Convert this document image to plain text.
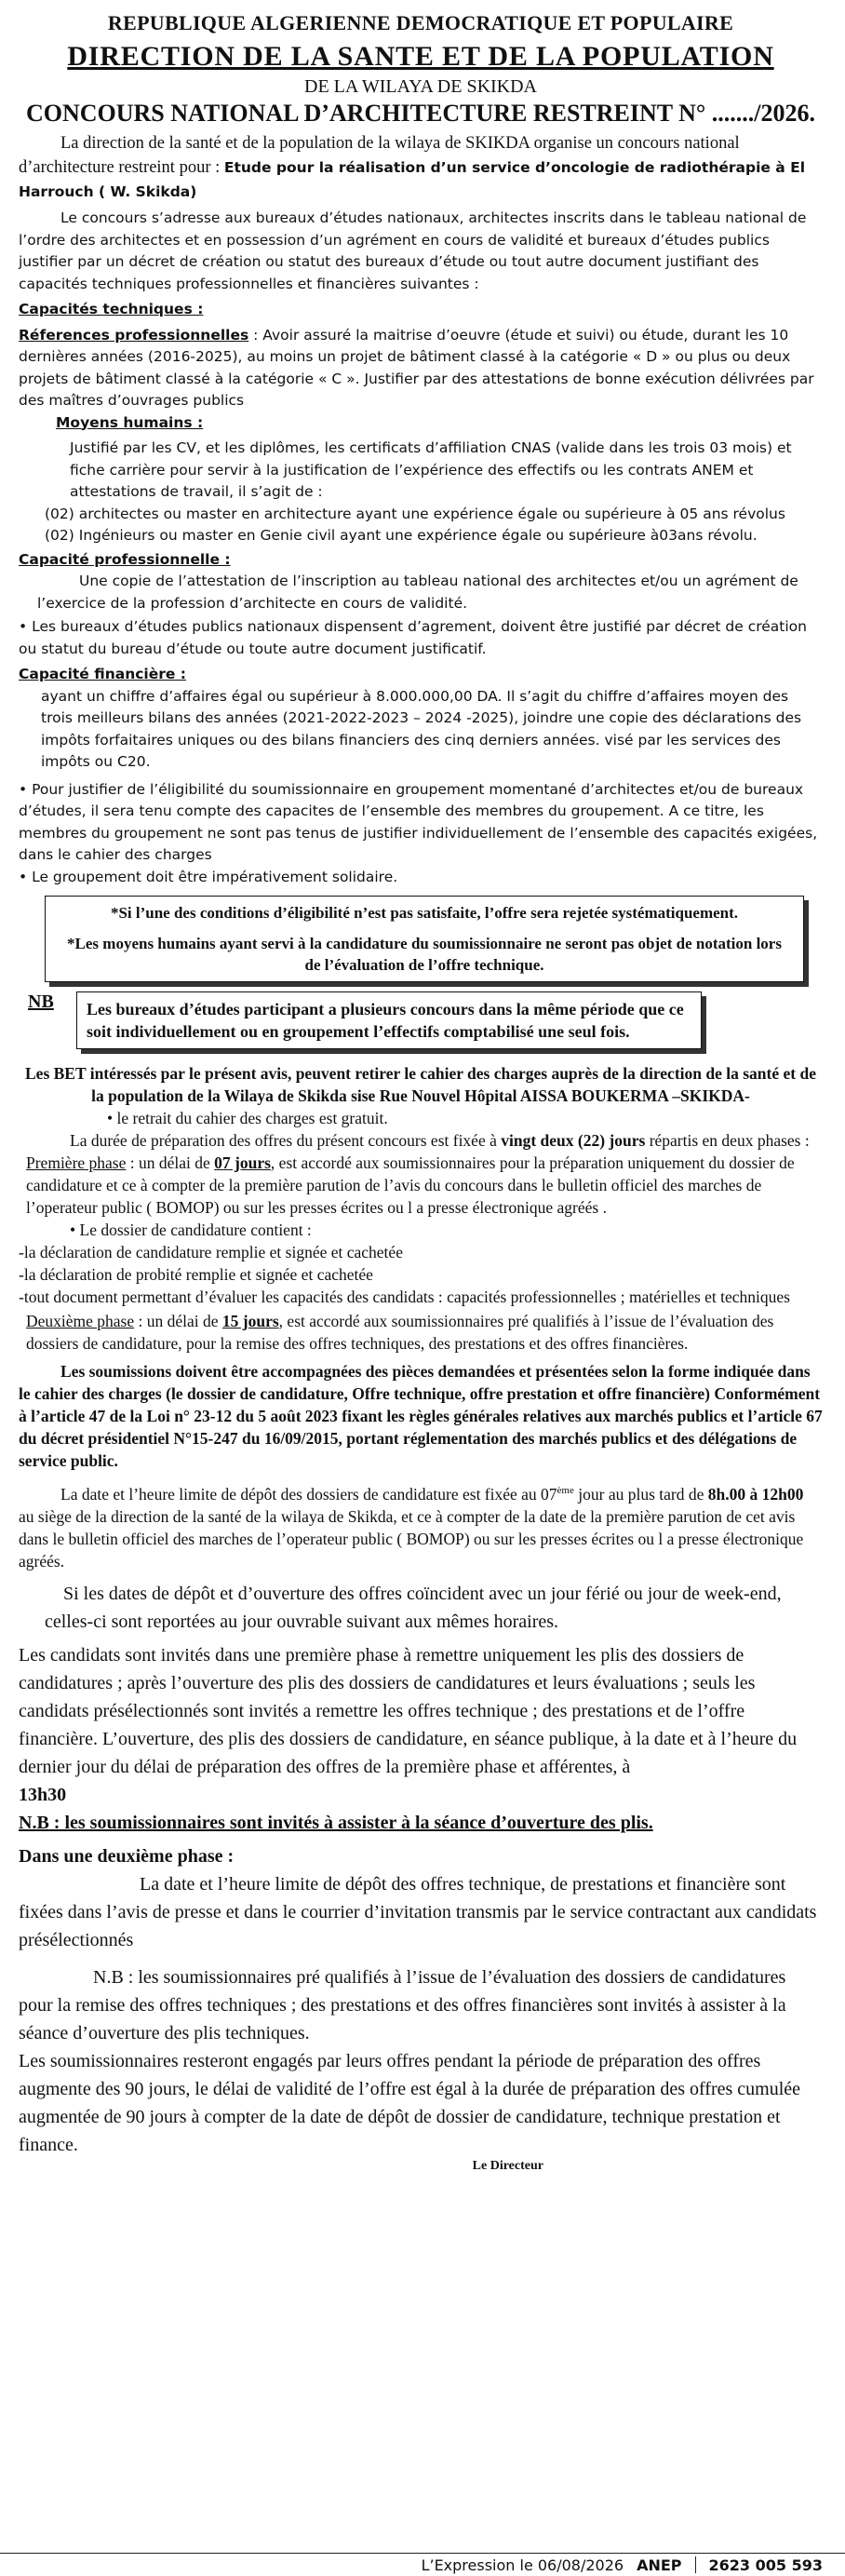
REPUBLIQUE ALGERIENNE DEMOCRATIQUE ET POPULAIRE

DIRECTION DE LA SANTE ET DE LA POPULATION

DE LA WILAYA DE SKIKDA

CONCOURS NATIONAL D’ARCHITECTURE RESTREINT N° ......./2026.

La direction de la santé et de la population de la wilaya de SKIKDA organise un concours national d’architecture restreint pour : Etude pour la réalisation d’un service d’oncologie de radiothérapie à El Harrouch ( W. Skikda)

Le concours s’adresse aux bureaux d’études nationaux, architectes inscrits dans le tableau national de l’ordre des architectes et en possession d’un agrément en cours de validité et bureaux d’études publics justifier par un décret de création ou statut des bureaux d’étude ou tout autre document justifiant des capacités techniques professionnelles et financières suivantes :

Capacités techniques :

Réferences professionnelles : Avoir assuré la maitrise d’oeuvre (étude et suivi) ou étude, durant les 10 dernières années (2016-2025), au moins un projet de bâtiment classé à la catégorie « D » ou plus ou deux projets de bâtiment classé à la catégorie « C ». Justifier par des attestations de bonne exécution délivrées par des maîtres d’ouvrages publics

Moyens humains :

Justifié par les CV, et les diplômes, les certificats d’affiliation CNAS (valide dans les trois 03 mois) et fiche carrière pour servir à la justification de l’expérience des effectifs ou les contrats ANEM et attestations de travail, il s’agit de :

(02) architectes ou master en architecture ayant une expérience égale ou supérieure à 05 ans révolus

(02) Ingénieurs ou master en Genie civil ayant une expérience égale ou supérieure à03ans révolu.

Capacité professionnelle :

Une copie de l’attestation de l’inscription au tableau national des architectes et/ou un agrément de l’exercice de la profession d’architecte en cours de validité.

• Les bureaux d’études publics nationaux dispensent d’agrement, doivent être justifié par décret de création ou statut du bureau d’étude ou toute autre document justificatif.

Capacité financière :

ayant un chiffre d’affaires égal ou supérieur à 8.000.000,00 DA. Il s’agit du chiffre d’affaires moyen des trois meilleurs bilans des années (2021-2022-2023 – 2024 -2025), joindre une copie des déclarations des impôts forfaitaires uniques ou des bilans financiers des cinq derniers années. visé par les services des impôts ou C20.

• Pour justifier de l’éligibilité du soumissionnaire en groupement momentané d’architectes et/ou de bureaux d’études, il sera tenu compte des capacites de l’ensemble des membres du groupement. A ce titre, les membres du groupement ne sont pas tenus de justifier individuellement de l’ensemble des capacités exigées, dans le cahier des charges

• Le groupement doit être impérativement solidaire.

*Si l’une des conditions d’éligibilité n’est pas satisfaite, l’offre sera rejetée systématiquement.

*Les moyens humains ayant servi à la candidature du soumissionnaire ne seront pas objet de notation lors de l’évaluation de l’offre technique.

NB	Les bureaux d’études participant a plusieurs concours dans la même période que ce soit individuellement ou en groupement l’effectifs comptabilisé une seul fois.

Les BET intéressés par le présent avis, peuvent retirer le cahier des charges auprès de la direction de la santé et de la population de la Wilaya de Skikda sise Rue Nouvel Hôpital AISSA BOUKERMA –SKIKDA-

• le retrait du cahier des charges est gratuit.

La durée de préparation des offres du présent concours est fixée à vingt deux (22) jours répartis en deux phases :

Première phase : un délai de 07 jours, est accordé aux soumissionnaires pour la préparation uniquement du dossier de candidature et ce à compter de la première parution de l’avis du concours dans le bulletin officiel des marches de l’operateur public ( BOMOP) ou sur les presses écrites ou l a presse électronique agréés .

• Le dossier de candidature contient :

-la déclaration de candidature remplie et signée et cachetée

-la déclaration de probité remplie et signée et cachetée

-tout document permettant d’évaluer les capacités des candidats : capacités professionnelles ; matérielles et techniques

Deuxième phase : un délai de 15 jours, est accordé aux soumissionnaires pré qualifiés à l’issue de l’évaluation des dossiers de candidature, pour la remise des offres techniques, des prestations et des offres financières.

Les soumissions doivent être accompagnées des pièces demandées et présentées selon la forme indiquée dans le cahier des charges (le dossier de candidature, Offre technique, offre prestation et offre financière) Conformément à l’article 47 de la Loi n° 23-12 du 5 août 2023 fixant les règles générales relatives aux marchés publics et l’article 67 du décret présidentiel N°15-247 du 16/09/2015, portant réglementation des marchés publics et des délégations de service public.

La date et l’heure limite de dépôt des dossiers de candidature est fixée au 07ème jour au plus tard de 8h.00 à 12h00 au siège de la direction de la santé de la wilaya de Skikda, et ce à compter de la date de la première parution de cet avis dans le bulletin officiel des marches de l’operateur public ( BOMOP) ou sur les presses écrites ou l a presse électronique agréés.

Si les dates de dépôt et d’ouverture des offres coïncident avec un jour férié ou jour de week-end, celles-ci sont reportées au jour ouvrable suivant aux mêmes horaires.

Les candidats sont invités dans une première phase à remettre uniquement les plis des dossiers de candidatures ; après l’ouverture des plis des dossiers de candidatures et leurs évaluations ; seuls les candidats présélectionnés sont invités a remettre les offres technique ; des prestations et de l’offre financière. L’ouverture, des plis des dossiers de candidature, en séance publique, à la date et à l’heure du dernier jour du délai de préparation des offres de la première phase et afférentes, à
13h30

N.B : les soumissionnaires sont invités à assister à la séance d’ouverture des plis.

Dans une deuxième phase :

La date et l’heure limite de dépôt des offres technique, de prestations et financière sont fixées dans l’avis de presse et dans le courrier d’invitation transmis par le service contractant aux candidats présélectionnés

N.B : les soumissionnaires pré qualifiés à l’issue de l’évaluation des dossiers de candidatures pour la remise des offres techniques ; des prestations et des offres financières sont invités à assister à la séance d’ouverture des plis techniques.

Les soumissionnaires resteront engagés par leurs offres pendant la période de préparation des offres augmente des 90 jours, le délai de validité de l’offre est égal à la durée de préparation des offres cumulée augmentée de 90 jours à compter de la date de dépôt de dossier de candidature, technique prestation et finance.

Le Directeur

L’Expression le 06/08/2026 ANEP 2623 005 593
